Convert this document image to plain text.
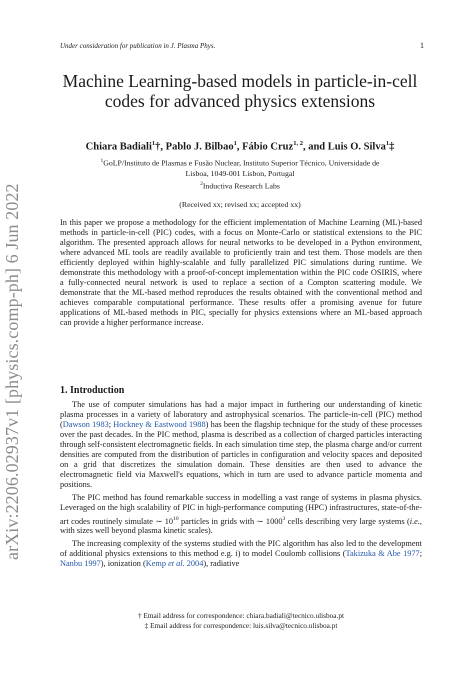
Under consideration for publication in J. Plasma Phys.	1
arXiv:2206.02937v1 [physics.comp-ph] 6 Jun 2022
Machine Learning-based models in particle-in-cell codes for advanced physics extensions
Chiara Badiali$^1$†, Pablo J. Bilbao$^1$, Fábio Cruz$^{1, 2}$, and Luis O. Silva$^1$‡
$^1$GoLP/Instituto de Plasmas e Fusão Nuclear, Instituto Superior Técnico, Universidade de
Lisboa, 1049-001 Lisbon, Portugal
$^2$Inductiva Research Labs
(Received xx; revised xx; accepted xx)
In this paper we propose a methodology for the efficient implementation of Machine Learning (ML)-based methods in particle-in-cell (PIC) codes, with a focus on Monte-Carlo or statistical extensions to the PIC algorithm. The presented approach allows for neural networks to be developed in a Python environment, where advanced ML tools are readily available to proficiently train and test them. Those models are then efficiently deployed within highly-scalable and fully parallelized PIC simulations during runtime. We demonstrate this methodology with a proof-of-concept implementation within the PIC code OSIRIS, where a fully-connected neural network is used to replace a section of a Compton scattering module. We demonstrate that the ML-based method reproduces the results obtained with the conventional method and achieves comparable computational performance. These results offer a promising avenue for future applications of ML-based methods in PIC, specially for physics extensions where an ML-based approach can provide a higher performance increase.
1. Introduction

The use of computer simulations has had a major impact in furthering our understanding of kinetic plasma processes in a variety of laboratory and astrophysical scenarios. The particle-in-cell (PIC) method (Dawson 1983; Hockney & Eastwood 1988) has been the flagship technique for the study of these processes over the past decades. In the PIC method, plasma is described as a collection of charged particles interacting through self-consistent electromagnetic fields. In each simulation time step, the plasma charge and/or current densities are computed from the distribution of particles in configuration and velocity spaces and deposited on a grid that discretizes the simulation domain. These densities are then used to advance the electromagnetic field via Maxwell's equations, which in turn are used to advance particle momenta and positions.

The PIC method has found remarkable success in modelling a vast range of systems in plasma physics. Leveraged on the high scalability of PIC in high-performance computing (HPC) infrastructures, state-of-the-art codes routinely simulate ∼ $10^{10}$ particles in grids with ∼ 1000$^3$ cells describing very large systems (i.e., with sizes well beyond plasma kinetic scales).

The increasing complexity of the systems studied with the PIC algorithm has also led to the development of additional physics extensions to this method e.g. i) to model Coulomb collisions (Takizuka & Abe 1977; Nanbu 1997), ionization (Kemp et al. 2004), radiative

† Email address for correspondence: chiara.badiali@tecnico.ulisboa.pt
‡ Email address for correspondence: luis.silva@tecnico.ulisboa.pt
